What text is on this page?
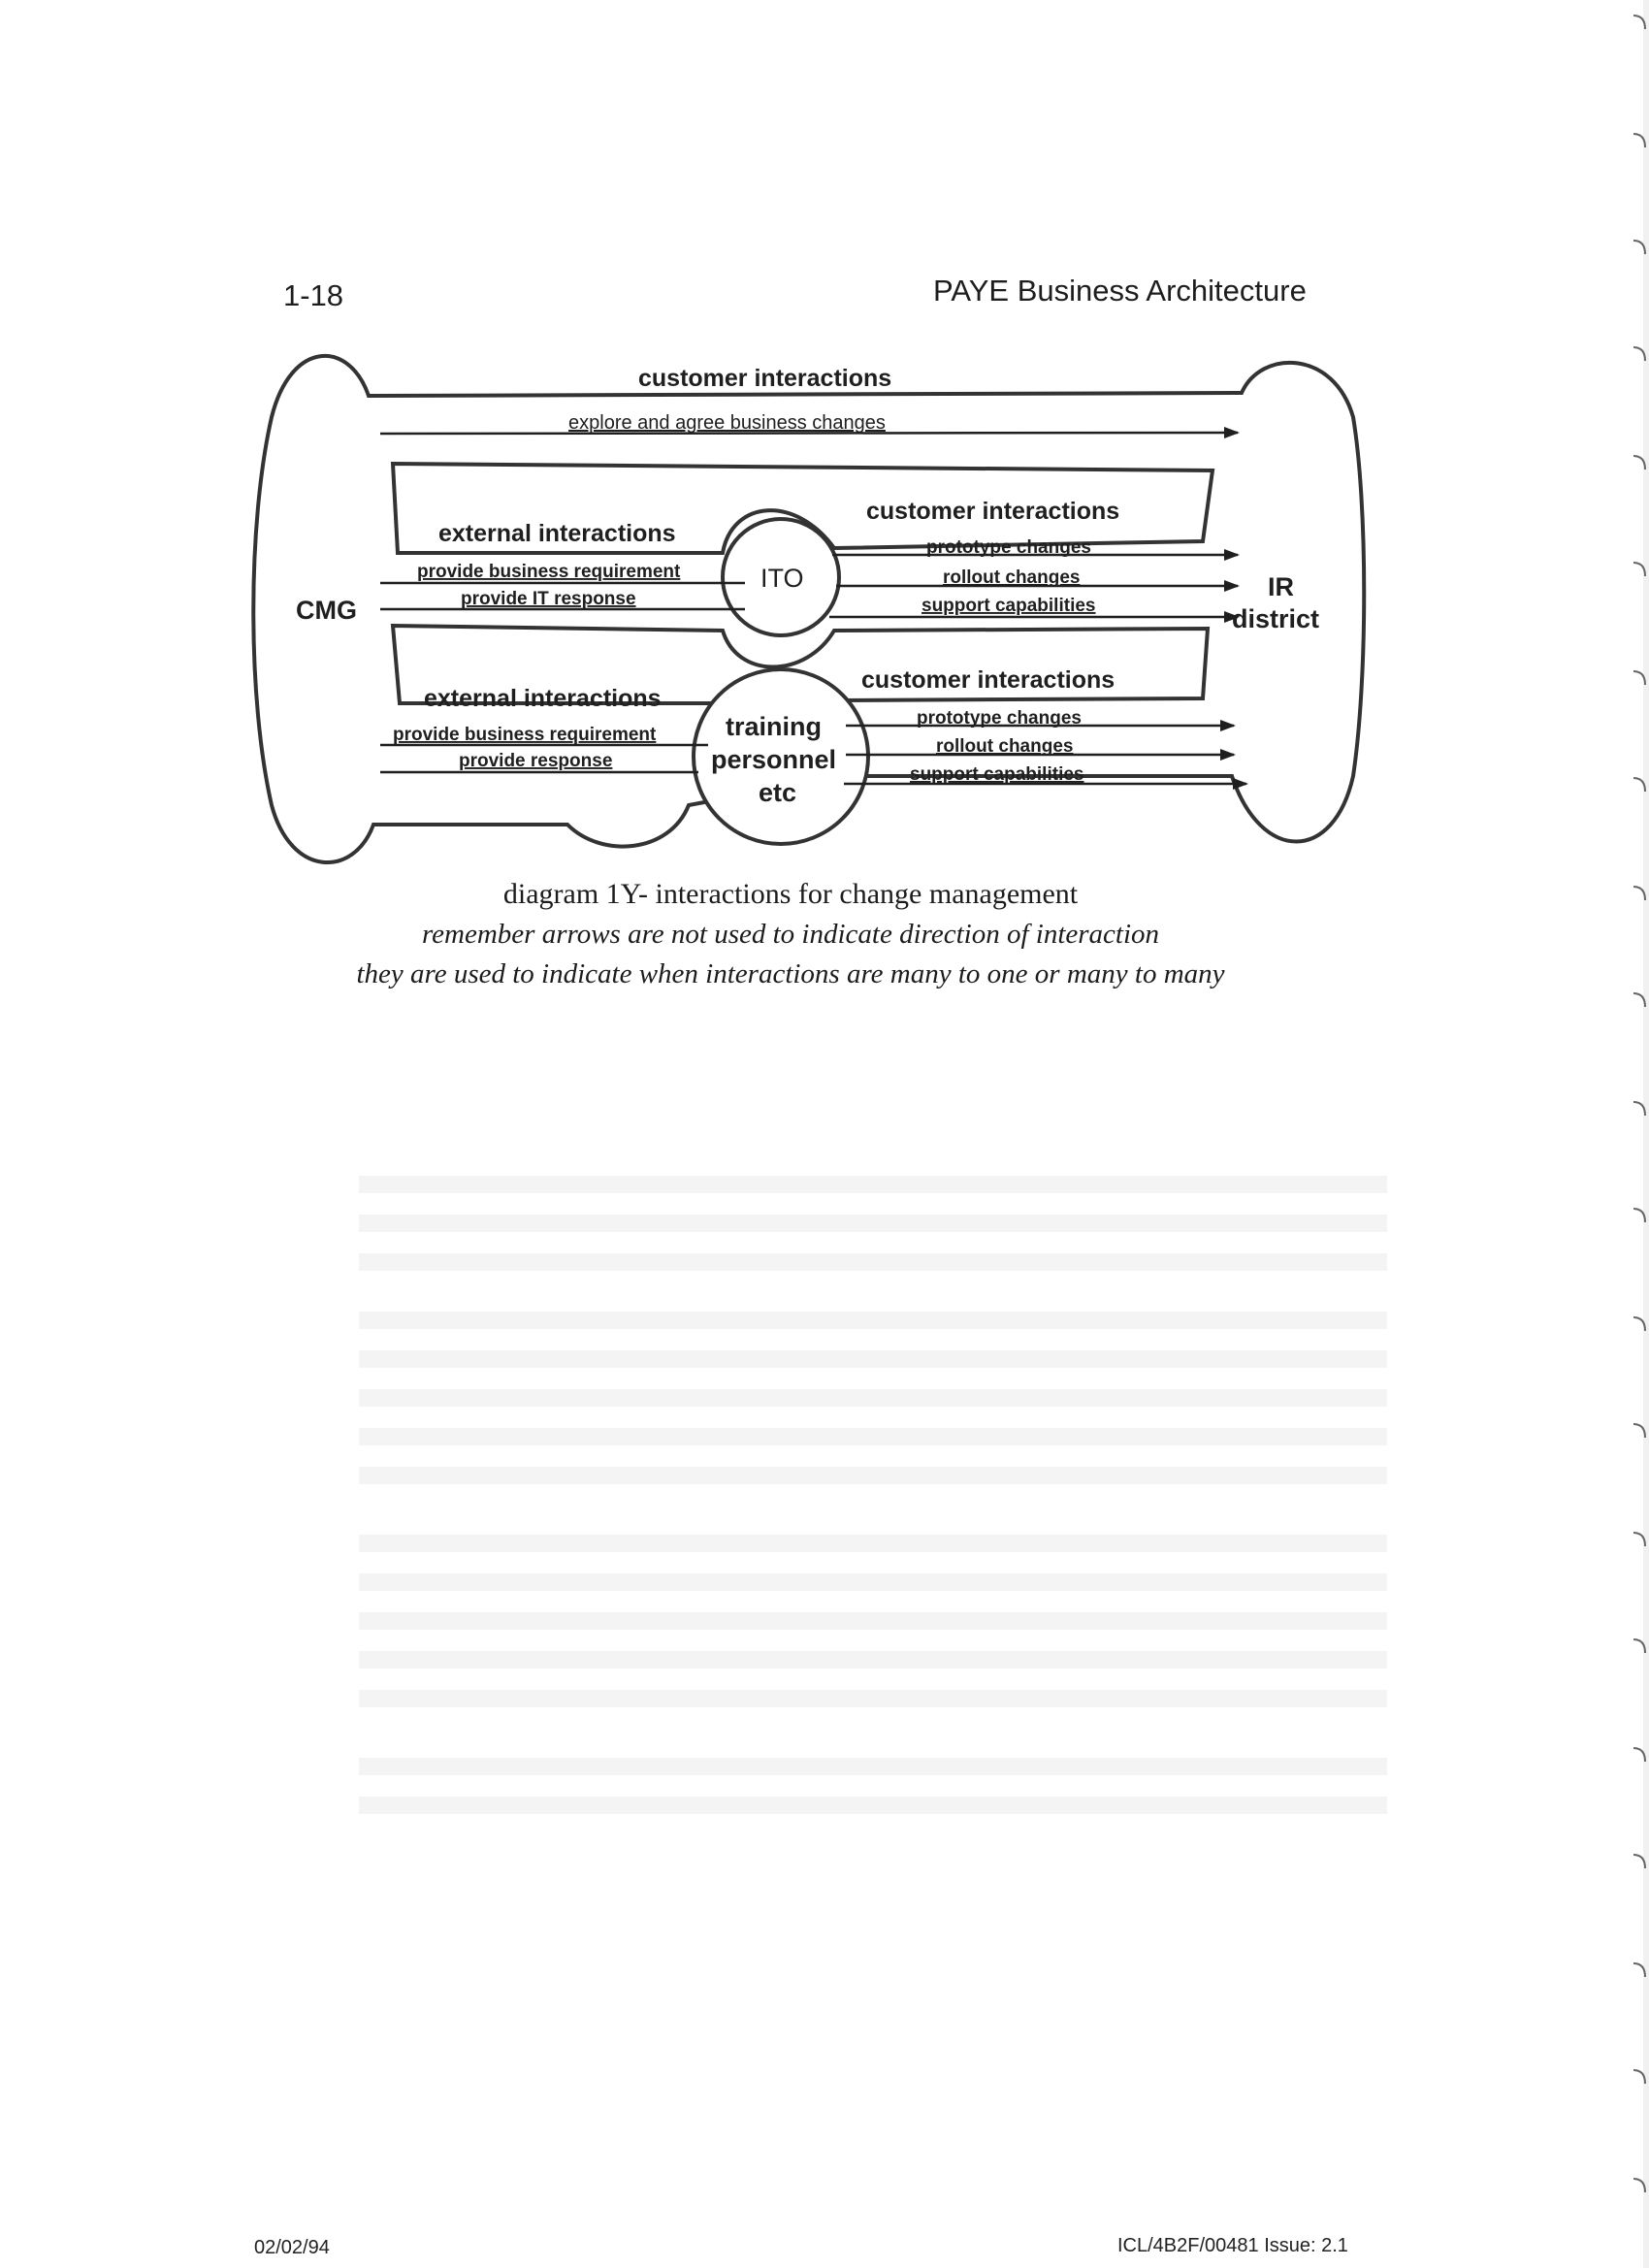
1-18	PAYE Business Architecture
CMG
IR
district
ITO
training
personnel
etc
customer interactions
explore and agree business changes
external interactions
provide business requirement
provide IT response
customer interactions
prototype changes
rollout changes
support capabilities
external interactions
provide business requirement
provide response
customer interactions
prototype changes
rollout changes
support capabilities
diagram 1Y- interactions for change management
remember arrows are not used to indicate direction of interaction
they are used to indicate when interactions are many to one or many to many
02/02/94	ICL/4B2F/00481 Issue: 2.1
